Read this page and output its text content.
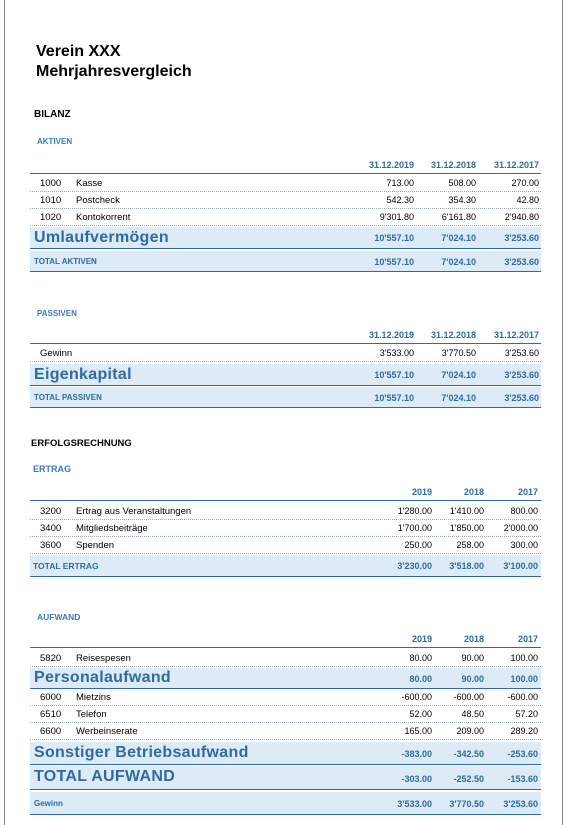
Verein XXX
Mehrjahresvergleich
BILANZ
AKTIVEN
31.12.2019	31.12.2018	31.12.2017
1000 Kasse	713.00	508.00	270.00
1010 Postcheck	542.30	354.30	42.80
1020 Kontokorrent	9'301.80	6'161.80	2'940.80
Umlaufvermögen	10'557.10	7'024.10	3'253.60
TOTAL AKTIVEN	10'557.10	7'024.10	3'253.60
PASSIVEN
31.12.2019	31.12.2018	31.12.2017
Gewinn	3'533.00	3'770.50	3'253.60
Eigenkapital	10'557.10	7'024.10	3'253.60
TOTAL PASSIVEN	10'557.10	7'024.10	3'253.60
ERFOLGSRECHNUNG
ERTRAG
2019	2018	2017
3200 Ertrag aus Veranstaltungen	1'280.00	1'410.00	800.00
3400 Mitgliedsbeiträge	1'700.00	1'850.00	2'000.00
3600 Spenden	250.00	258.00	300.00
TOTAL ERTRAG	3'230.00	3'518.00	3'100.00
AUFWAND
2019	2018	2017
5820 Reisespesen	80.00	90.00	100.00
Personalaufwand	80.00	90.00	100.00
6000 Mietzins	-600.00	-600.00	-600.00
6510 Telefon	52.00	48.50	57.20
6600 Werbeinserate	165.00	209.00	289.20
Sonstiger Betriebsaufwand	-383.00	-342.50	-253.60
TOTAL AUFWAND	-303.00	-252.50	-153.60
Gewinn	3'533.00	3'770.50	3'253.60
